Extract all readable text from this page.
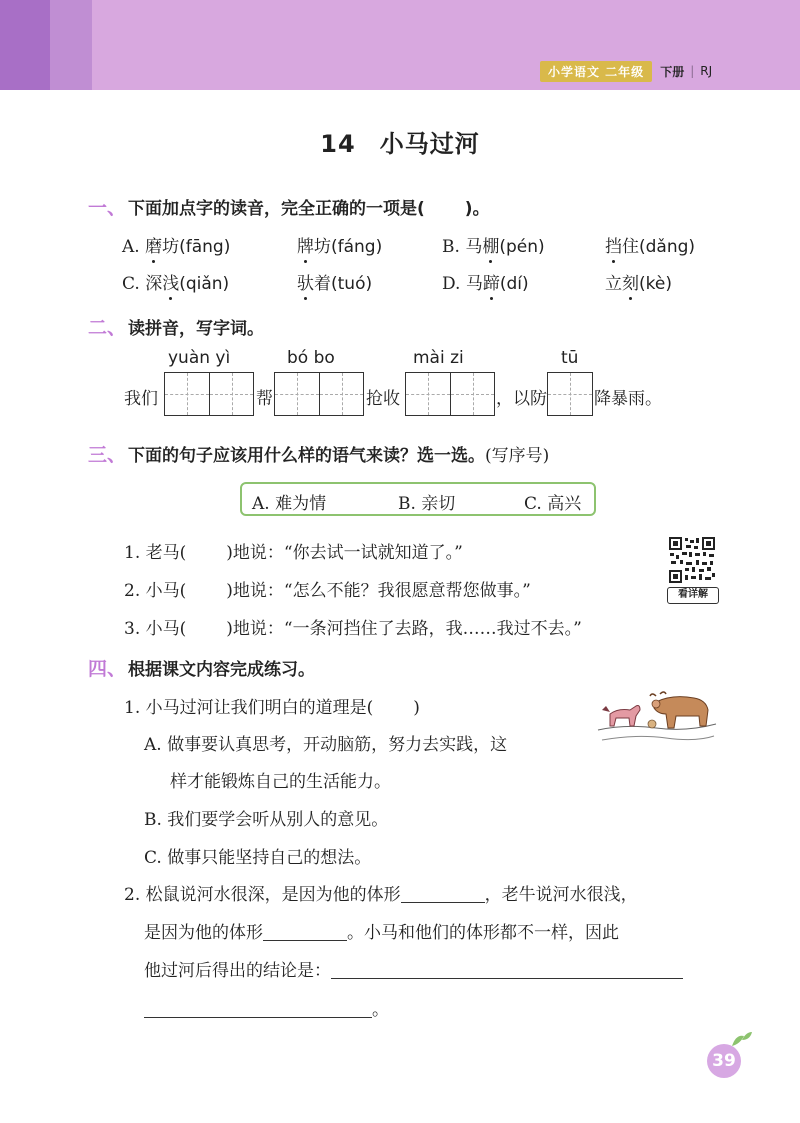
小学语文 二年级	下册 | RJ
14 小马过河
一、 下面加点字的读音，完全正确的一项是( )。
A. 磨坊(fāng)	牌坊(fáng)	B. 马棚(pén)	挡住(dǎng)
C. 深浅(qiǎn)	驮着(tuó)	D. 马蹄(dí)	立刻(kè)
二、 读拼音，写字词。
yuàn yì	bó bo	mài zi	tū
我们	帮	抢收	，以防	降暴雨。
三、 下面的句子应该用什么样的语气来读？选一选。(写序号)
A. 难为情	B. 亲切	C. 高兴
1. 老马( )地说：“你去试一试就知道了。”
2. 小马( )地说：“怎么不能？我很愿意帮您做事。”
3. 小马( )地说：“一条河挡住了去路，我……我过不去。”
看详解
四、 根据课文内容完成练习。
1. 小马过河让我们明白的道理是( )
A. 做事要认真思考，开动脑筋，努力去实践，这
样才能锻炼自己的生活能力。
B. 我们要学会听从别人的意见。
C. 做事只能坚持自己的想法。
2. 松鼠说河水很深，是因为他的体形	，老牛说河水很浅，
是因为他的体形	。小马和他们的体形都不一样，因此
他过河后得出的结论是：
。
39
